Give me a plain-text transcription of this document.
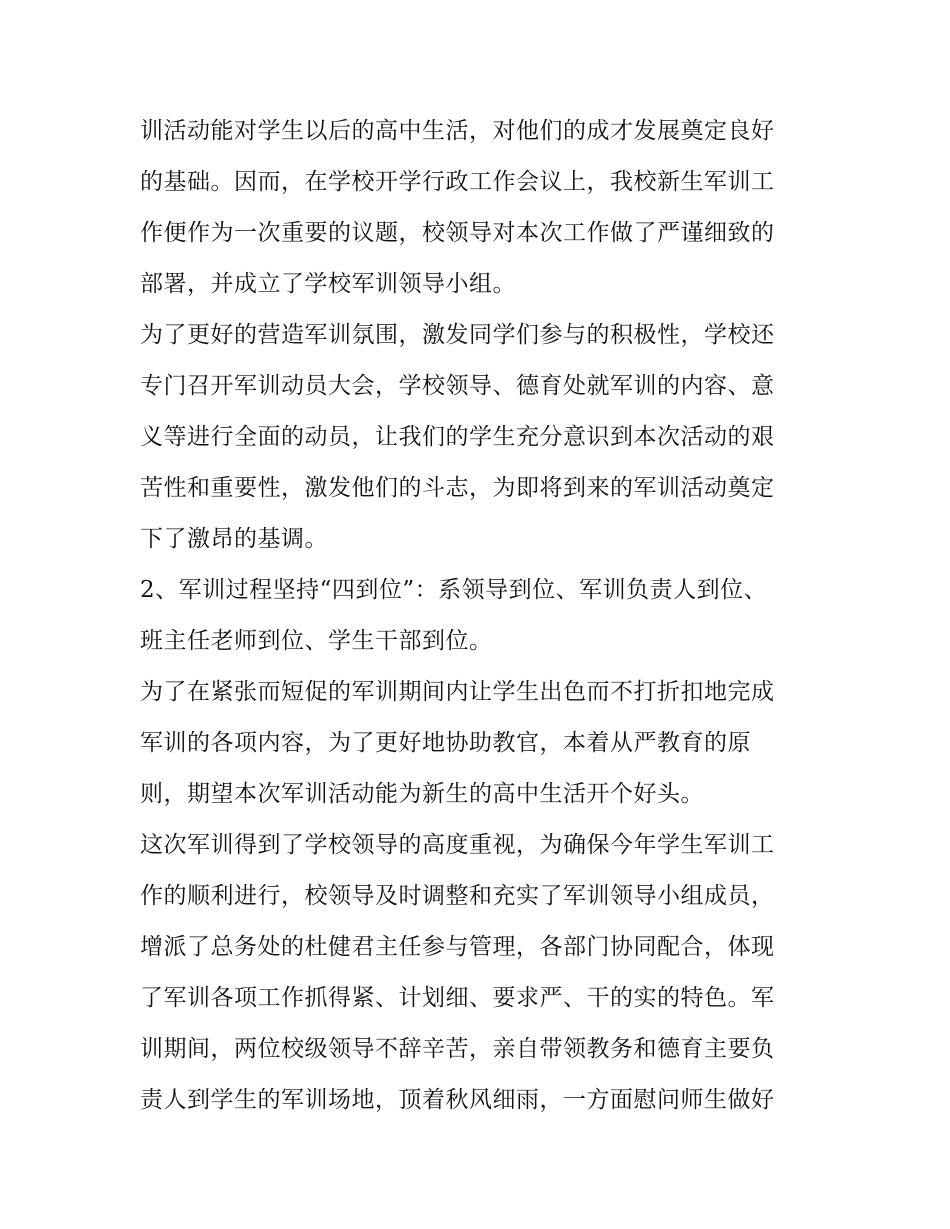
训活动能对学生以后的高中生活，对他们的成才发展奠定良好
的基础。因而，在学校开学行政工作会议上，我校新生军训工
作便作为一次重要的议题，校领导对本次工作做了严谨细致的
部署，并成立了学校军训领导小组。
为了更好的营造军训氛围，激发同学们参与的积极性，学校还
专门召开军训动员大会，学校领导、德育处就军训的内容、意
义等进行全面的动员，让我们的学生充分意识到本次活动的艰
苦性和重要性，激发他们的斗志，为即将到来的军训活动奠定
下了激昂的基调。
2、军训过程坚持“四到位”：系领导到位、军训负责人到位、
班主任老师到位、学生干部到位。
为了在紧张而短促的军训期间内让学生出色而不打折扣地完成
军训的各项内容，为了更好地协助教官，本着从严教育的原
则，期望本次军训活动能为新生的高中生活开个好头。
这次军训得到了学校领导的高度重视，为确保今年学生军训工
作的顺利进行，校领导及时调整和充实了军训领导小组成员，
增派了总务处的杜健君主任参与管理，各部门协同配合，体现
了军训各项工作抓得紧、计划细、要求严、干的实的特色。军
训期间，两位校级领导不辞辛苦，亲自带领教务和德育主要负
责人到学生的军训场地，顶着秋风细雨，一方面慰问师生做好
